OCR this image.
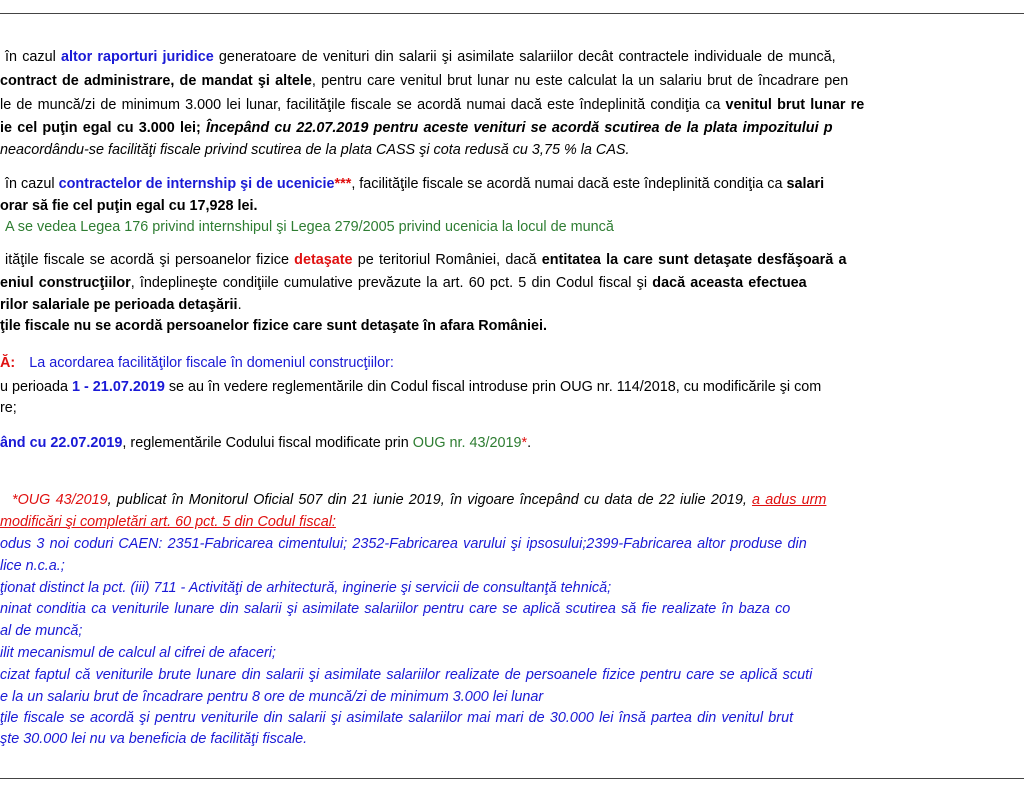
în cazul altor raporturi juridice generatoare de venituri din salarii şi asimilate salariilor decât contractele individuale de muncă,
contract de administrare, de mandat şi altele, pentru care venitul brut lunar nu este calculat la un salariu brut de încadrare pen
le de muncă/zi de minimum 3.000 lei lunar, facilităţile fiscale se acordă numai dacă este îndeplinită condiţia ca venitul brut lunar re
ie cel puţin egal cu 3.000 lei; Începând cu 22.07.2019 pentru aceste venituri se acordă scutirea de la plata impozitului p
neacordându-se facilităţi fiscale privind scutirea de la plata CASS şi cota redusă cu 3,75 % la CAS.
în cazul contractelor de internship şi de ucenicie***, facilităţile fiscale se acordă numai dacă este îndeplinită condiţia ca salari
orar să fie cel puţin egal cu 17,928 lei.
A se vedea Legea 176 privind internshipul şi Legea 279/2005 privind ucenicia la locul de muncă
ităţile fiscale se acordă şi persoanelor fizice detaşate pe teritoriul României, dacă entitatea la care sunt detaşate desfăşoară a
eniul construcţiilor, îndeplineşte condiţiile cumulative prevăzute la art. 60 pct. 5 din Codul fiscal şi dacă aceasta efectuea
rilor salariale pe perioada detaşării.
ţile fiscale nu se acordă persoanelor fizice care sunt detaşate în afara României.
Ă: La acordarea facilităţilor fiscale în domeniul construcţiilor:
u perioada 1 - 21.07.2019 se au în vedere reglementările din Codul fiscal introduse prin OUG nr. 114/2018, cu modificările şi com
re;
ând cu 22.07.2019, reglementările Codului fiscal modificate prin OUG nr. 43/2019*.
*OUG 43/2019, publicat în Monitorul Oficial 507 din 21 iunie 2019, în vigoare începând cu data de 22 iulie 2019, a adus urm
modificări şi completări art. 60 pct. 5 din Codul fiscal:
odus 3 noi coduri CAEN: 2351-Fabricarea cimentului; 2352-Fabricarea varului şi ipsosului;2399-Fabricarea altor produse din
lice n.c.a.;
ţionat distinct la pct. (iii) 711 - Activităţi de arhitectură, inginerie şi servicii de consultanţă tehnică;
ninat conditia ca veniturile lunare din salarii şi asimilate salariilor pentru care se aplică scutirea să fie realizate în baza co
al de muncă;
ilit mecanismul de calcul al cifrei de afaceri;
cizat faptul că veniturile brute lunare din salarii şi asimilate salariilor realizate de persoanele fizice pentru care se aplică scuti
e la un salariu brut de încadrare pentru 8 ore de muncă/zi de minimum 3.000 lei lunar
ţile fiscale se acordă şi pentru veniturile din salarii şi asimilate salariilor mai mari de 30.000 lei însă partea din venitul brut
şte 30.000 lei nu va beneficia de facilităţi fiscale.
